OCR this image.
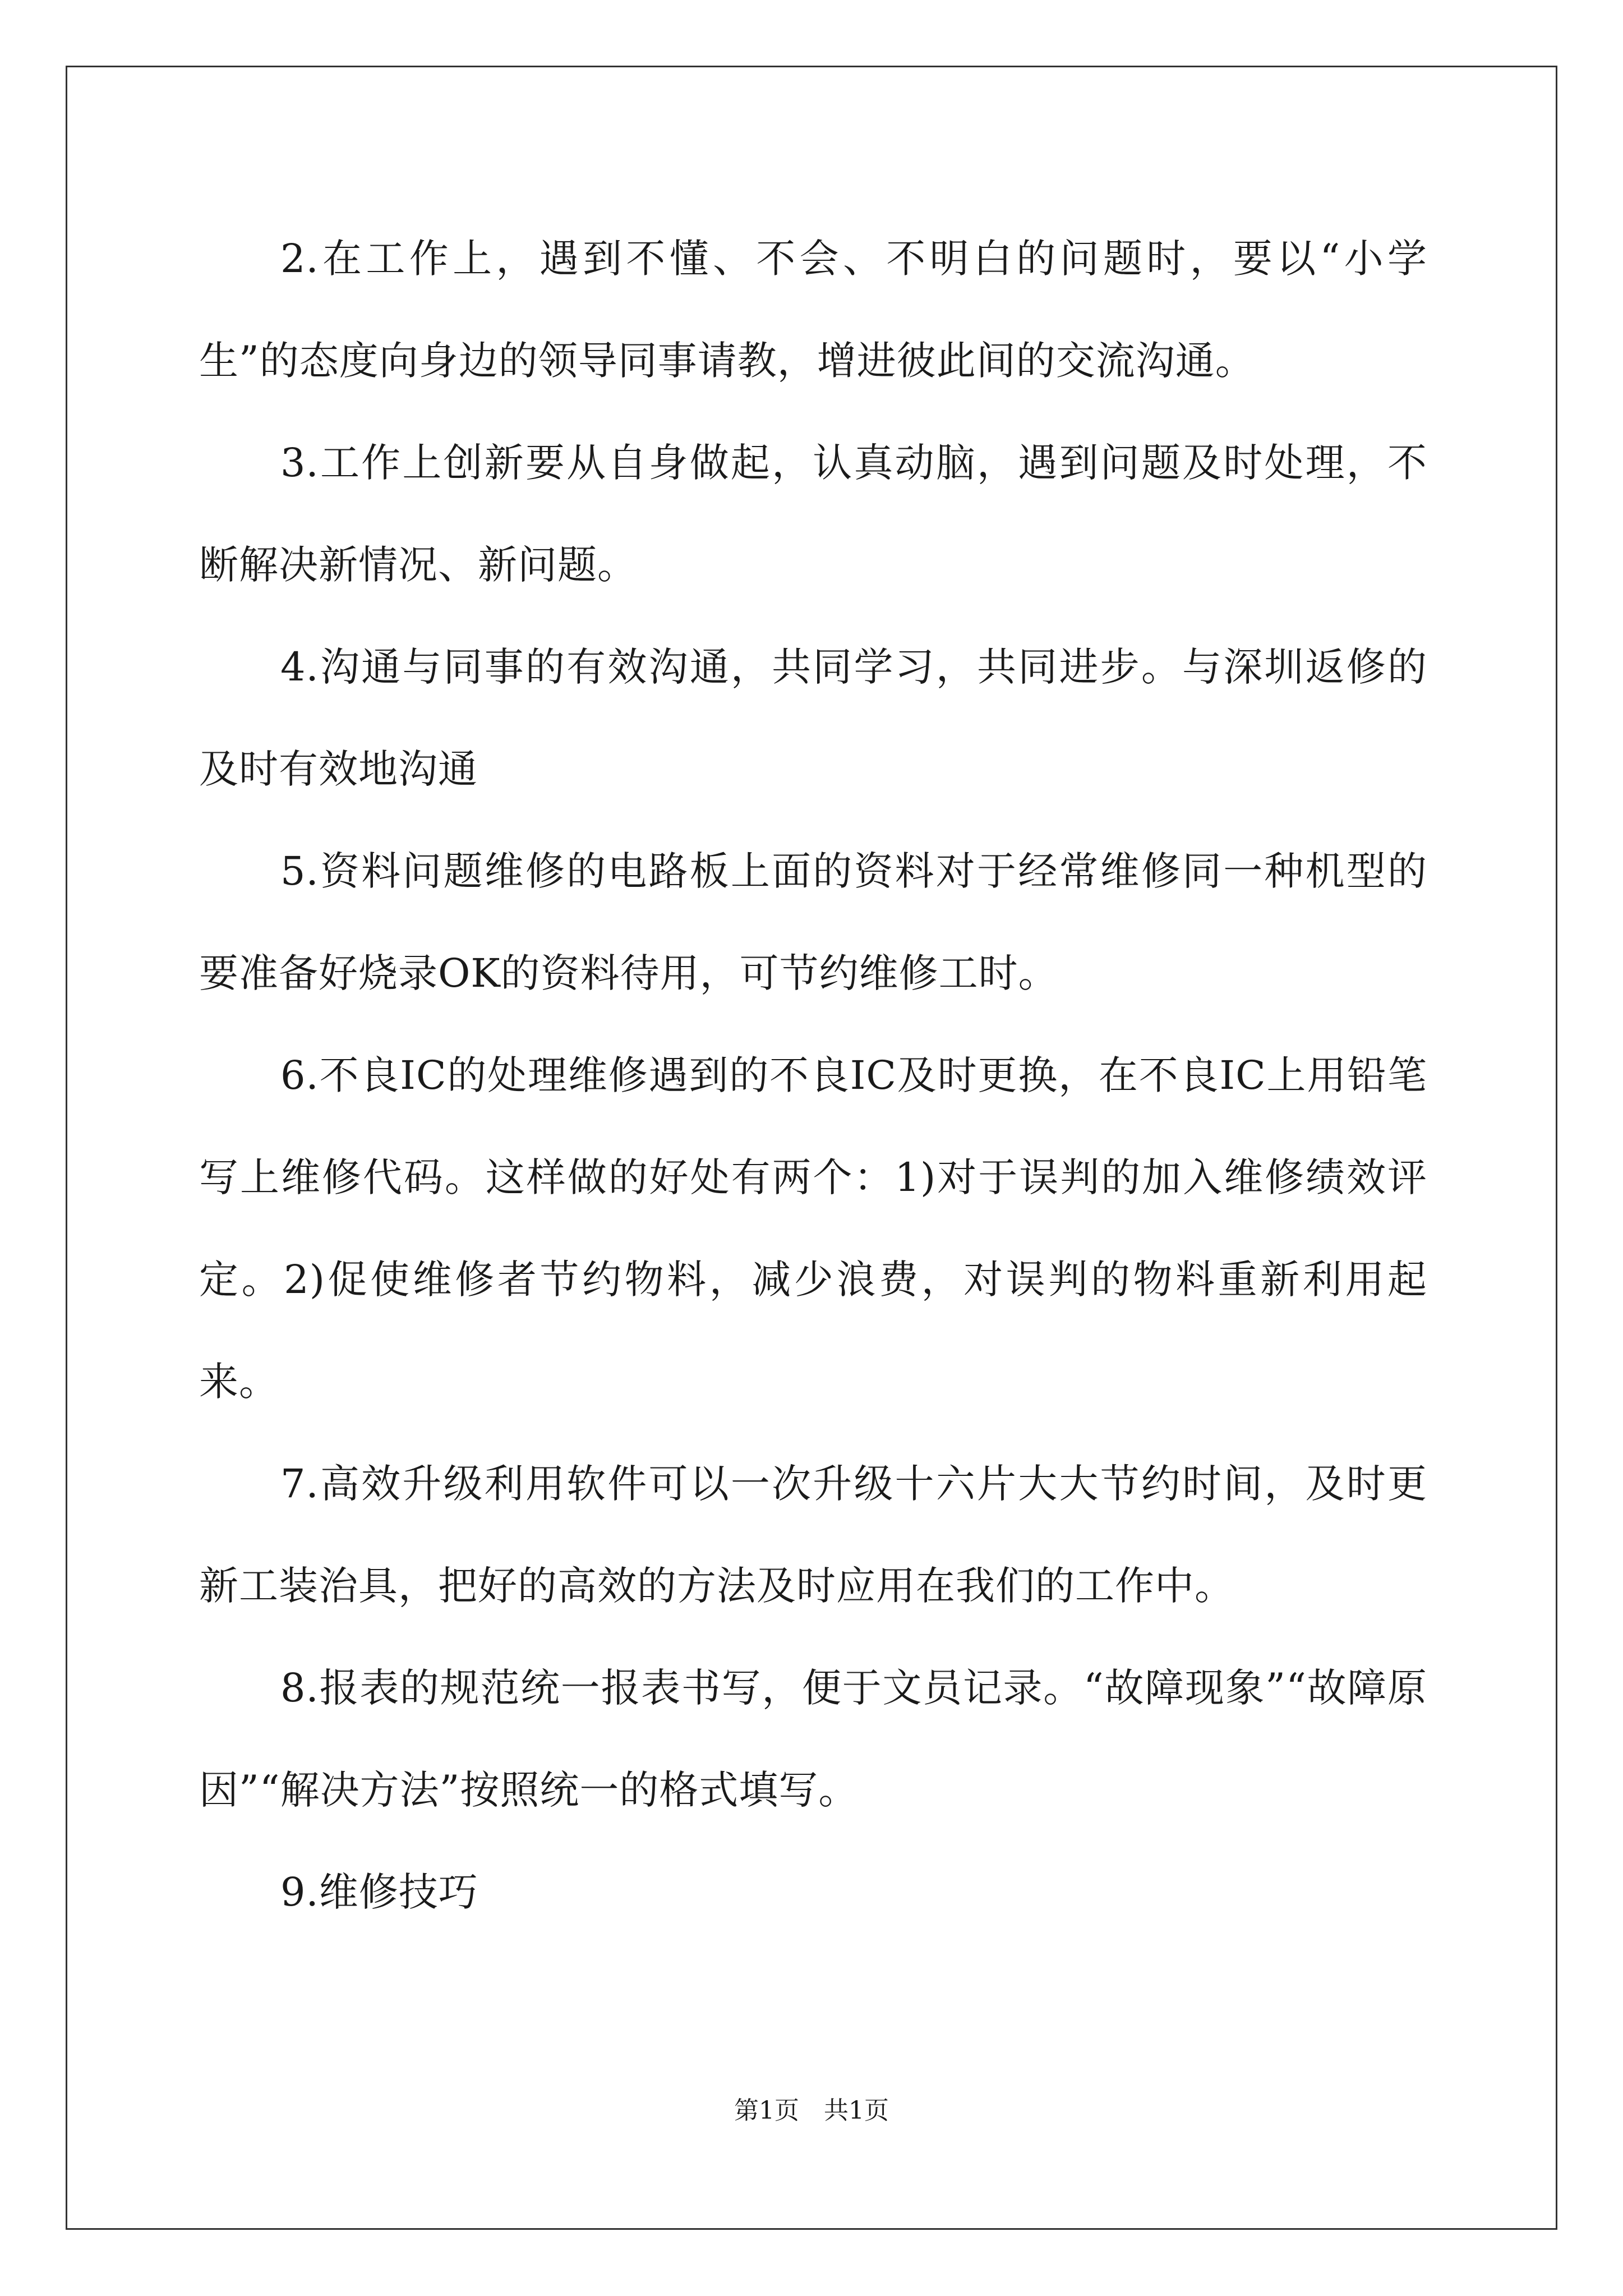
2.在工作上，遇到不懂、不会、不明白的问题时，要以“小学生”的态度向身边的领导同事请教，增进彼此间的交流沟通。

3.工作上创新要从自身做起，认真动脑，遇到问题及时处理，不断解决新情况、新问题。

4.沟通与同事的有效沟通，共同学习，共同进步。与深圳返修的及时有效地沟通

5.资料问题维修的电路板上面的资料对于经常维修同一种机型的要准备好烧录OK的资料待用，可节约维修工时。

6.不良IC的处理维修遇到的不良IC及时更换，在不良IC上用铅笔写上维修代码。这样做的好处有两个：1)对于误判的加入维修绩效评定。2)促使维修者节约物料，减少浪费，对误判的物料重新利用起来。

7.高效升级利用软件可以一次升级十六片大大节约时间，及时更新工装治具，把好的高效的方法及时应用在我们的工作中。

8.报表的规范统一报表书写，便于文员记录。“故障现象”“故障原因”“解决方法”按照统一的格式填写。

9.维修技巧

第1页　共1页
